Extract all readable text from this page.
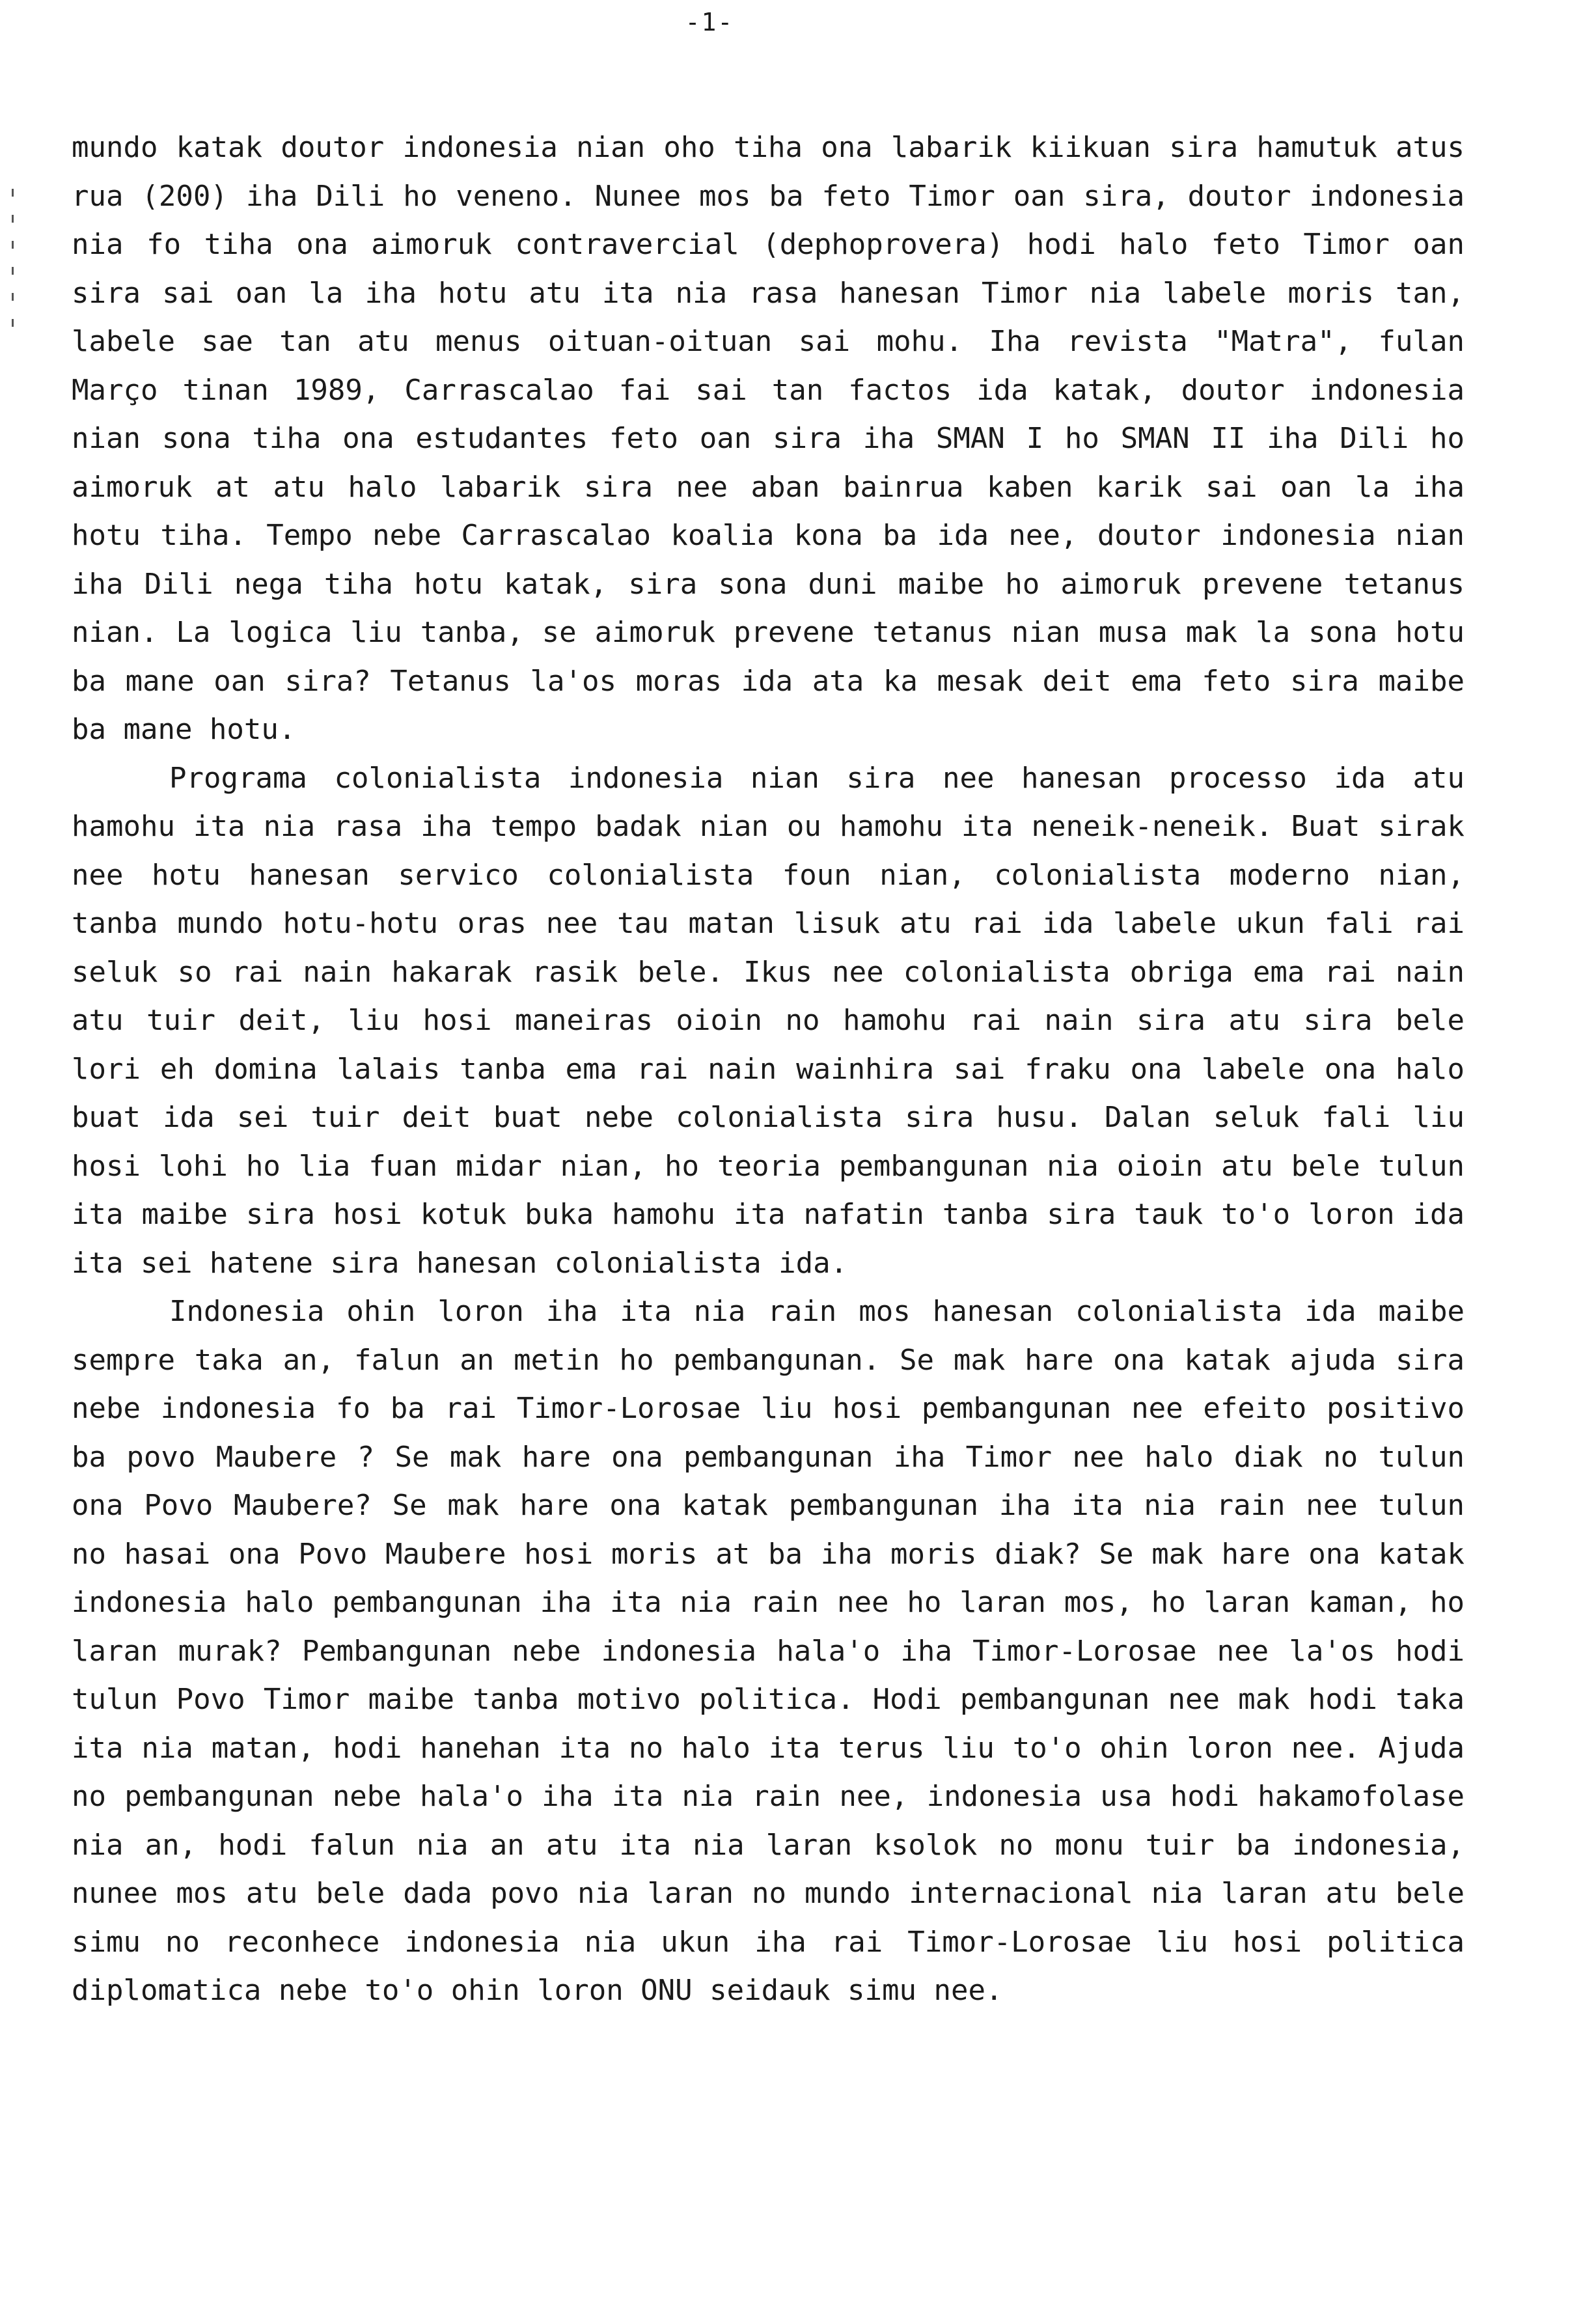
-1-

mundo katak doutor indonesia nian oho tiha ona labarik kiikuan sira hamutuk atus rua (200) iha Dili ho veneno. Nunee mos ba feto Timor oan sira, doutor indonesia nia fo tiha ona aimoruk contravercial (dephoprovera) hodi halo feto Timor oan sira sai oan la iha hotu atu ita nia rasa hanesan Timor nia labele moris tan, labele sae tan atu menus oituan-oituan sai mohu. Iha revista "Matra", fulan Março tinan 1989, Carrascalao fai sai tan factos ida katak, doutor indonesia nian sona tiha ona estudantes feto oan sira iha SMAN I ho SMAN II iha Dili ho aimoruk at atu halo labarik sira nee aban bainrua kaben karik sai oan la iha hotu tiha. Tempo nebe Carrascalao koalia kona ba ida nee, doutor indonesia nian iha Dili nega tiha hotu katak, sira sona duni maibe ho aimoruk prevene tetanus nian. La logica liu tanba, se aimoruk prevene tetanus nian musa mak la sona hotu ba mane oan sira? Tetanus la'os moras ida ata ka mesak deit ema feto sira maibe ba mane hotu.

Programa colonialista indonesia nian sira nee hanesan processo ida atu hamohu ita nia rasa iha tempo badak nian ou hamohu ita neneik-neneik. Buat sirak nee hotu hanesan servico colonialista foun nian, colonialista moderno nian, tanba mundo hotu-hotu oras nee tau matan lisuk atu rai ida labele ukun fali rai seluk so rai nain hakarak rasik bele. Ikus nee colonialista obriga ema rai nain atu tuir deit, liu hosi maneiras oioin no hamohu rai nain sira atu sira bele lori eh domina lalais tanba ema rai nain wainhira sai fraku ona labele ona halo buat ida sei tuir deit buat nebe colonialista sira husu. Dalan seluk fali liu hosi lohi ho lia fuan midar nian, ho teoria pembangunan nia oioin atu bele tulun ita maibe sira hosi kotuk buka hamohu ita nafatin tanba sira tauk to'o loron ida ita sei hatene sira hanesan colonialista ida.

Indonesia ohin loron iha ita nia rain mos hanesan colonialista ida maibe sempre taka an, falun an metin ho pembangunan. Se mak hare ona katak ajuda sira nebe indonesia fo ba rai Timor-Lorosae liu hosi pembangunan nee efeito positivo ba povo Maubere ? Se mak hare ona pembangunan iha Timor nee halo diak no tulun ona Povo Maubere? Se mak hare ona katak pembangunan iha ita nia rain nee tulun no hasai ona Povo Maubere hosi moris at ba iha moris diak? Se mak hare ona katak indonesia halo pembangunan iha ita nia rain nee ho laran mos, ho laran kaman, ho laran murak? Pembangunan nebe indonesia hala'o iha Timor-Lorosae nee la'os hodi tulun Povo Timor maibe tanba motivo politica. Hodi pembangunan nee mak hodi taka ita nia matan, hodi hanehan ita no halo ita terus liu to'o ohin loron nee. Ajuda no pembangunan nebe hala'o iha ita nia rain nee, indonesia usa hodi hakamofolase nia an, hodi falun nia an atu ita nia laran ksolok no monu tuir ba indonesia, nunee mos atu bele dada povo nia laran no mundo internacional nia laran atu bele simu no reconhece indonesia nia ukun iha rai Timor-Lorosae liu hosi politica diplomatica nebe to'o ohin loron ONU seidauk simu nee.
